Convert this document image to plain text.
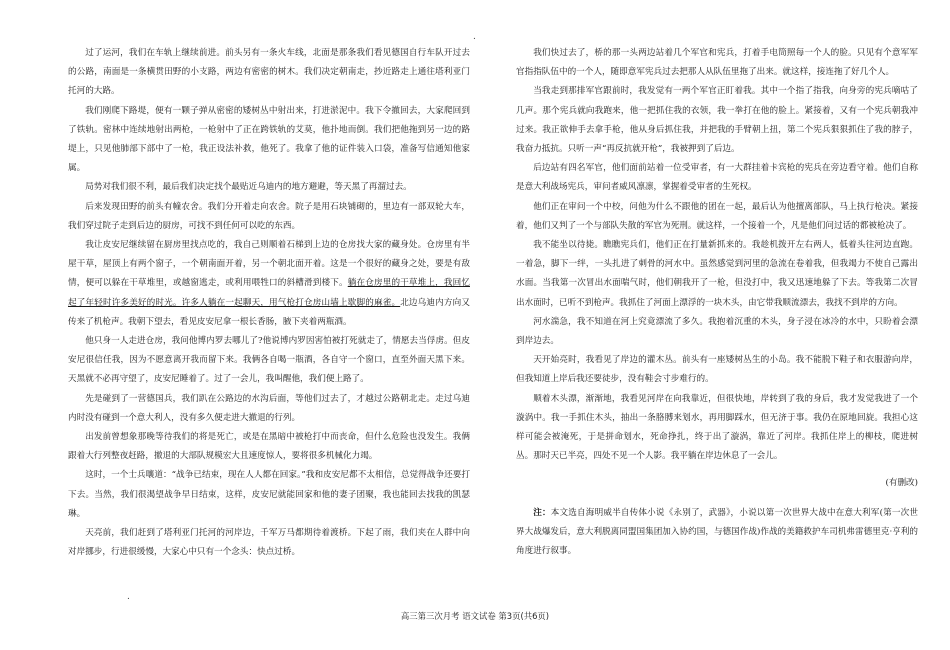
.
.

过了运河，我们在车轨上继续前进。前头另有一条火车线，北面是那条我们看见德国自行车队开过去的公路，南面是一条横贯田野的小支路，两边有密密的树木。我们决定朝南走，抄近路走上通往塔利亚门托河的大路。

我们刚爬下路堤，便有一颗子弹从密密的矮树丛中射出来，打进淤泥中。我下令撤回去，大家爬回到了铁轨。密林中连续地射出两枪，一枪射中了正在跨铁轨的艾莫，他扑地而倒。我们把他拖到另一边的路堤上，只见他肺部下部中了一枪，我正设法补救，他死了。我拿了他的证件装入口袋，准备写信通知他家属。

局势对我们很不利，最后我们决定找个最贴近乌迪内的地方避避，等天黑了再溜过去。

后来发现田野的前头有幢农舍。我们分开着走向农舍。院子是用石块铺砌的，里边有一部双轮大车，我们穿过院子走到后边的厨房，可找不到任何可以吃的东西。

我让皮安尼继续留在厨房里找点吃的，我自己则顺着石梯到上边的仓房找大家的藏身处。仓房里有半屋干草，屋顶上有两个窗子，一个朝南面开着，另一个朝北面开着。这是一个很好的藏身之处，要是有敌情，便可以躲在干草堆里，或越窗逃走，或利用喂牲口的斜槽滑到楼下。躺在仓房里的干草堆上，我回忆起了年轻时许多美好的时光。许多人躺在一起聊天，用气枪打仓房山墙上歇脚的麻雀。北边乌迪内方向又传来了机枪声。我朝下望去，看见皮安尼拿一根长香肠，腋下夹着两瓶酒。

他只身一人走进仓房，我问他博内罗去哪儿了?他说博内罗因害怕被打死就走了，情愿去当俘虏。但皮安尼很信任我，因为不愿意离开我而留下来。我俩各自喝一瓶酒，各自守一个窗口，直至外面天黑下来。天黑就不必再守望了，皮安尼睡着了。过了一会儿，我叫醒他，我们便上路了。

先是碰到了一营德国兵，我们趴在公路边的水沟后面，等他们过去了，才越过公路朝北走。走过乌迪内时没有碰到一个意大利人，没有多久便走进大撤退的行列。

出发前曾想象那晚等待我们的将是死亡，或是在黑暗中被枪打中而丧命，但什么危险也没发生。我俩跟着大行列整夜赶路，撤退的大部队规模宏大且速度惊人，要将很多机械化力竭。

这时，一个士兵嚷道：“战争已结束，现在人人都在回家。”我和皮安尼都不太相信，总觉得战争还要打下去。当然，我们很渴望战争早日结束，这样，皮安尼就能回家和他的妻子团聚，我也能回去找我的凯瑟琳。

天亮前，我们赶到了塔利亚门托河的河岸边，千军万马都期待着渡桥。下起了雨，我们夹在人群中向对岸挪步，行进很缓慢，大家心中只有一个念头：快点过桥。

我们快过去了，桥的那一头两边站着几个军官和宪兵，打着手电筒照每一个人的脸。只见有个意军军官指指队伍中的一个人，随即意军宪兵过去把那人从队伍里拖了出来。就这样，接连拖了好几个人。

当我走到那排军官跟前时，我发觉有一两个军官正盯着我。其中一个指了指我，向身旁的宪兵嘀咕了几声。那个宪兵就向我跑来，他一把抓住我的衣领，我一拳打在他的脸上。紧接着，又有一个宪兵朝我冲过来。我正欲伸手去拿手枪，他从身后抓住我，并把我的手臂朝上扭，第二个宪兵狠狠抓住了我的脖子，我奋力抵抗。只听一声“再反抗就开枪”，我被押到了后边。

后边站有四名军官，他们面前站着一位受审者，有一大群挂着卡宾枪的宪兵在旁边看守着。他们自称是意大利战场宪兵，审问者威风凛凛，掌握着受审者的生死权。

他们正在审问一个中校，问他为什么不跟他的团在一起，最后认为他擅离部队，马上执行枪决。紧接着，他们又判了一个与部队失散的军官为死刑。就这样，一个接着一个，凡是他们问过话的都被枪决了。

我不能坐以待毙。瞧瞧宪兵们，他们正在打量新抓来的。我趁机拨开左右两人，低着头往河边直跑。一着急，脚下一绊，一头扎进了刺骨的河水中。虽然感觉到河里的急流在卷着我，但我竭力不使自己露出水面。当我第一次冒出水面喘气时，他们朝我开了一枪，但没打中，我又迅速地躲了下去。等我第二次冒出水面时，已听不到枪声。我抓住了河面上漂浮的一块木头，由它带我顺流漂去，我找不到岸的方向。

河水湍急，我不知道在河上究竟漂流了多久。我抱着沉重的木头，身子浸在冰冷的水中，只盼着会漂到岸边去。

天开始亮时，我看见了岸边的灌木丛。前头有一座矮树丛生的小岛。我不能脱下鞋子和衣服游向岸，但我知道上岸后我还要徒步，没有鞋会寸步难行的。

顺着木头漂，渐渐地，我看见河岸在向我靠近，但很快地，岸转到了我的身后，我才发觉我进了一个漩涡中。我一手抓住木头，抽出一条胳膊来划水，再用脚踩水，但无济于事。我仍在原地回旋。我担心这样可能会被淹死，于是拼命划水，死命挣扎，终于出了漩涡，靠近了河岸。我抓住岸上的柳枝，爬进树丛。那时天已半亮，四处不见一个人影。我平躺在岸边休息了一会儿。

(有删改)

注：本文选自海明威半自传体小说《永别了，武器》，小说以第一次世界大战中在意大利军(第一次世界大战爆发后，意大利脱离同盟国集团加入协约国，与德国作战)作战的美籍救护车司机弗雷德里克·亨利的角度进行叙事。

高三第三次月考 语文试卷 第3页(共6页)
